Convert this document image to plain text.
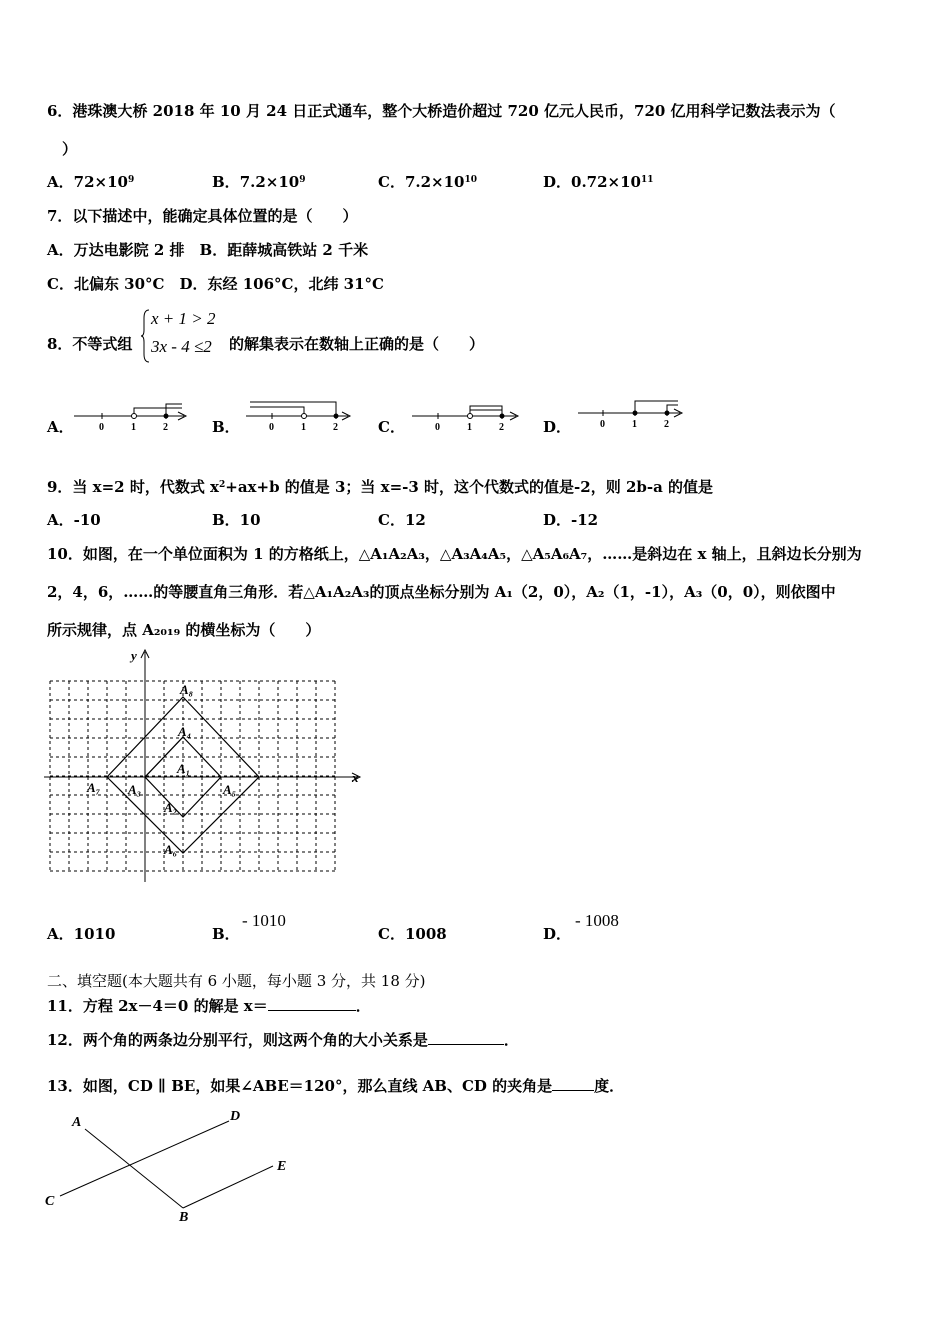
6．港珠澳大桥 2018 年 10 月 24 日正式通车，整个大桥造价超过 720 亿元人民币，720 亿用科学记数法表示为（
）
A．$72\times 10^9$	B．$7.2\times 10^9$	C．$7.2\times 10^{10}$	D．$0.72\times 10^{11}$
7．以下描述中，能确定具体位置的是（　　）
A．万达电影院 2 排　B．距薛城高铁站 2 千米
C．北偏东 30°C　D．东经 106°C，北纬 31°C
8．不等式组
x + 1 > 2
3x - 4 ≤2 的解集表示在数轴上正确的是（　　）
A．	B．	C．	D．
0	1	2	0	1	2	0	1	2	0	1	2
9．当 x=2 时，代数式 $x^2+ax+b$ 的值是 3；当 x=-3 时，这个代数式的值是-2，则 2b-a 的值是
A．-10	B．10	C．12	D．-12
10．如图，在一个单位面积为 1 的方格纸上，△A₁A₂A₃，△A₃A₄A₅，△A₅A₆A₇，……是斜边在 x 轴上，且斜边长分别为
2，4，6，……的等腰直角三角形．若△A₁A₂A₃的顶点坐标分别为 A₁（2，0），A₂（1，-1），A₃（0，0），则依图中
所示规律，点 A₂₀₁₉ 的横坐标为（　　）
x
y
A₈
A₄
A₁
A₇ A₃	A₅
A₂
A₆
A．1010	B．
- 1010
C．1008	D．
- 1008
二、填空题(本大题共有 6 小题，每小题 3 分，共 18 分)
11．方程 2x－4＝0 的解是 x＝	．
12．两个角的两条边分别平行，则这两个角的大小关系是	．
13．如图，CD ∥ BE，如果∠ABE＝120°，那么直线 AB、CD 的夹角是	度．
A	D
C
E
B
